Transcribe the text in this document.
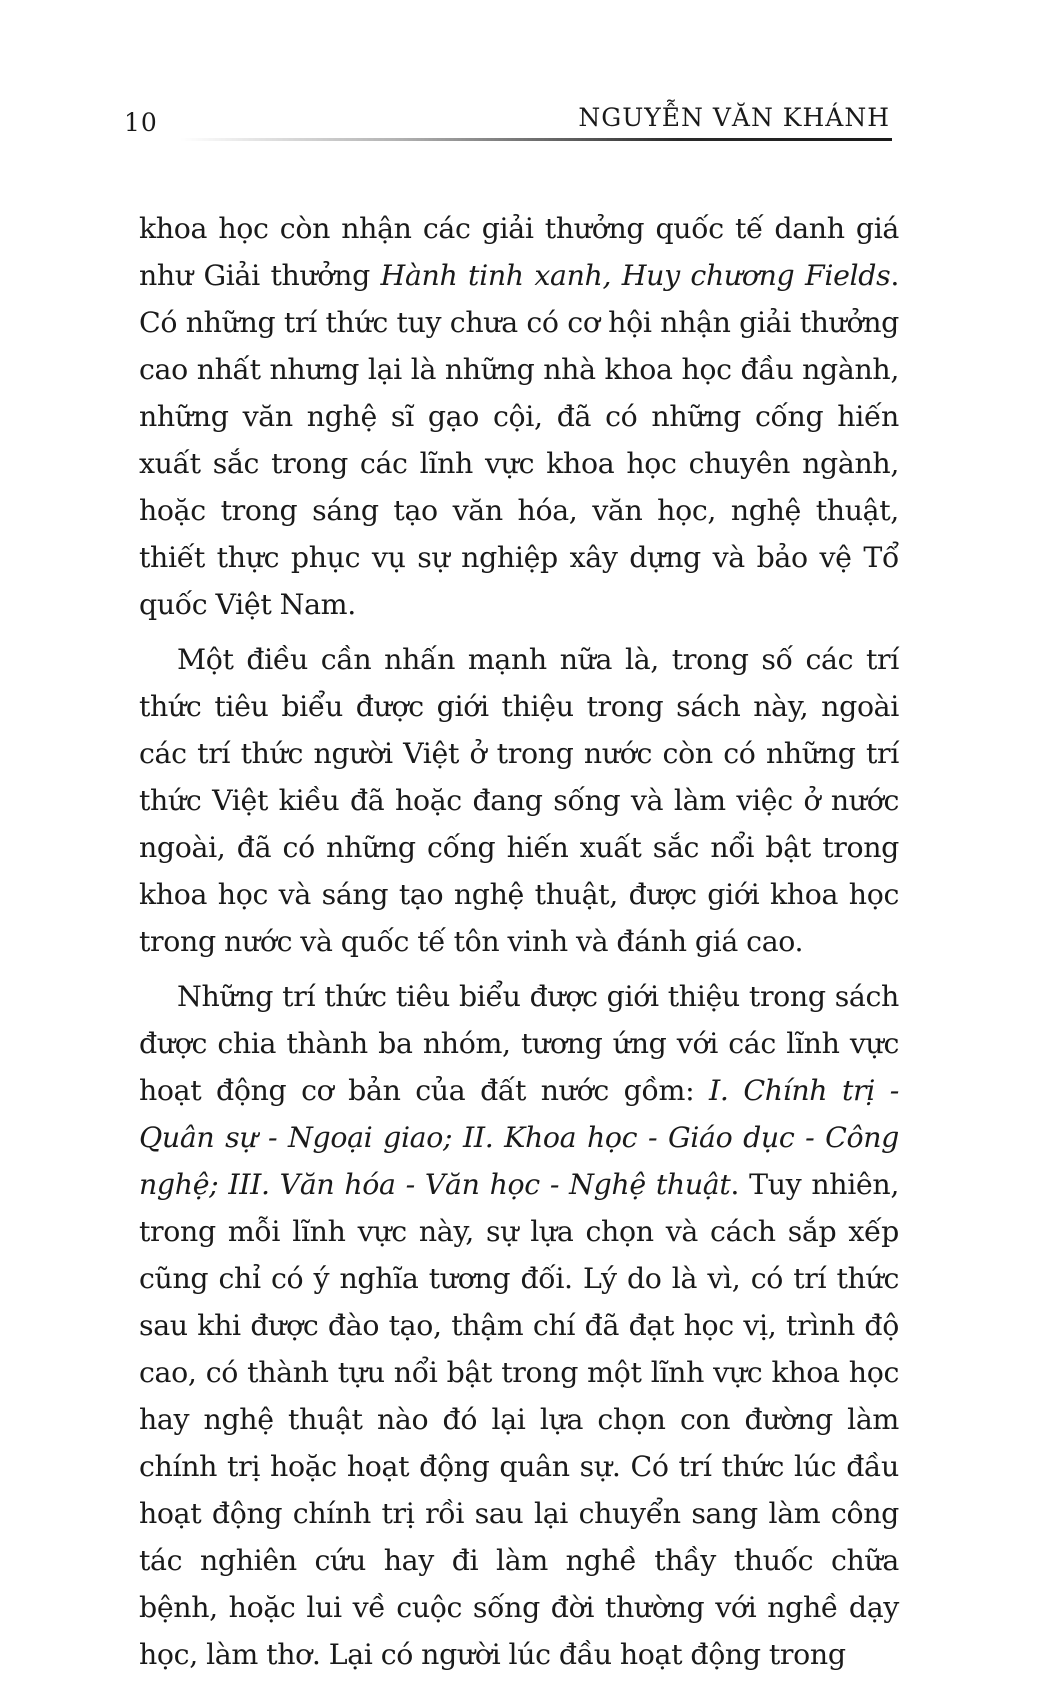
10	NGUYỄN VĂN KHÁNH

khoa học còn nhận các giải thưởng quốc tế danh giá như Giải thưởng Hành tinh xanh, Huy chương Fields. Có những trí thức tuy chưa có cơ hội nhận giải thưởng cao nhất nhưng lại là những nhà khoa học đầu ngành, những văn nghệ sĩ gạo cội, đã có những cống hiến xuất sắc trong các lĩnh vực khoa học chuyên ngành, hoặc trong sáng tạo văn hóa, văn học, nghệ thuật, thiết thực phục vụ sự nghiệp xây dựng và bảo vệ Tổ quốc Việt Nam.

Một điều cần nhấn mạnh nữa là, trong số các trí thức tiêu biểu được giới thiệu trong sách này, ngoài các trí thức người Việt ở trong nước còn có những trí thức Việt kiều đã hoặc đang sống và làm việc ở nước ngoài, đã có những cống hiến xuất sắc nổi bật trong khoa học và sáng tạo nghệ thuật, được giới khoa học trong nước và quốc tế tôn vinh và đánh giá cao.

Những trí thức tiêu biểu được giới thiệu trong sách được chia thành ba nhóm, tương ứng với các lĩnh vực hoạt động cơ bản của đất nước gồm: I. Chính trị - Quân sự - Ngoại giao; II. Khoa học - Giáo dục - Công nghệ; III. Văn hóa - Văn học - Nghệ thuật. Tuy nhiên, trong mỗi lĩnh vực này, sự lựa chọn và cách sắp xếp cũng chỉ có ý nghĩa tương đối. Lý do là vì, có trí thức sau khi được đào tạo, thậm chí đã đạt học vị, trình độ cao, có thành tựu nổi bật trong một lĩnh vực khoa học hay nghệ thuật nào đó lại lựa chọn con đường làm chính trị hoặc hoạt động quân sự. Có trí thức lúc đầu hoạt động chính trị rồi sau lại chuyển sang làm công tác nghiên cứu hay đi làm nghề thầy thuốc chữa bệnh, hoặc lui về cuộc sống đời thường với nghề dạy học, làm thơ. Lại có người lúc đầu hoạt động trong
